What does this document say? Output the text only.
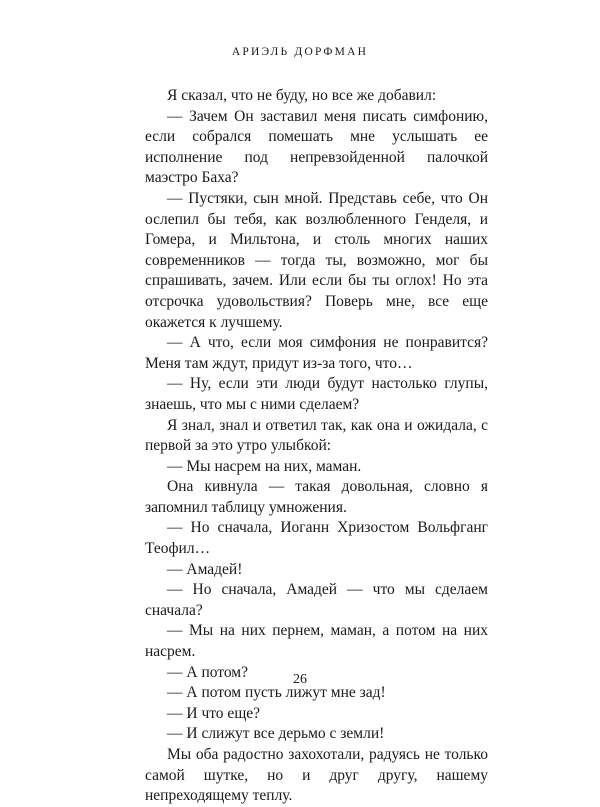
АРИЭЛЬ ДОРФМАН

Я сказал, что не буду, но все же добавил:

— Зачем Он заставил меня писать симфонию, если собрался помешать мне услышать ее исполнение под непревзойденной палочкой маэстро Баха?

— Пустяки, сын мной. Представь себе, что Он ослепил бы тебя, как возлюбленного Генделя, и Гомера, и Мильтона, и столь многих наших современников — тогда ты, возможно, мог бы спрашивать, зачем. Или если бы ты оглох! Но эта отсрочка удовольствия? Поверь мне, все еще окажется к лучшему.

— А что, если моя симфония не понравится? Меня там ждут, придут из-за того, что…

— Ну, если эти люди будут настолько глупы, знаешь, что мы с ними сделаем?

Я знал, знал и ответил так, как она и ожидала, с первой за это утро улыбкой:

— Мы насрем на них, маман.

Она кивнула — такая довольная, словно я запомнил таблицу умножения.

— Но сначала, Иоганн Хризостом Вольфганг Теофил…

— Амадей!

— Но сначала, Амадей — что мы сделаем сначала?

— Мы на них пернем, маман, а потом на них насрем.

— А потом?

— А потом пусть лижут мне зад!

— И что еще?

— И слижут все дерьмо с земли!

Мы оба радостно захохотали, радуясь не только самой шутке, но и друг другу, нашему непреходящему теплу.

26
